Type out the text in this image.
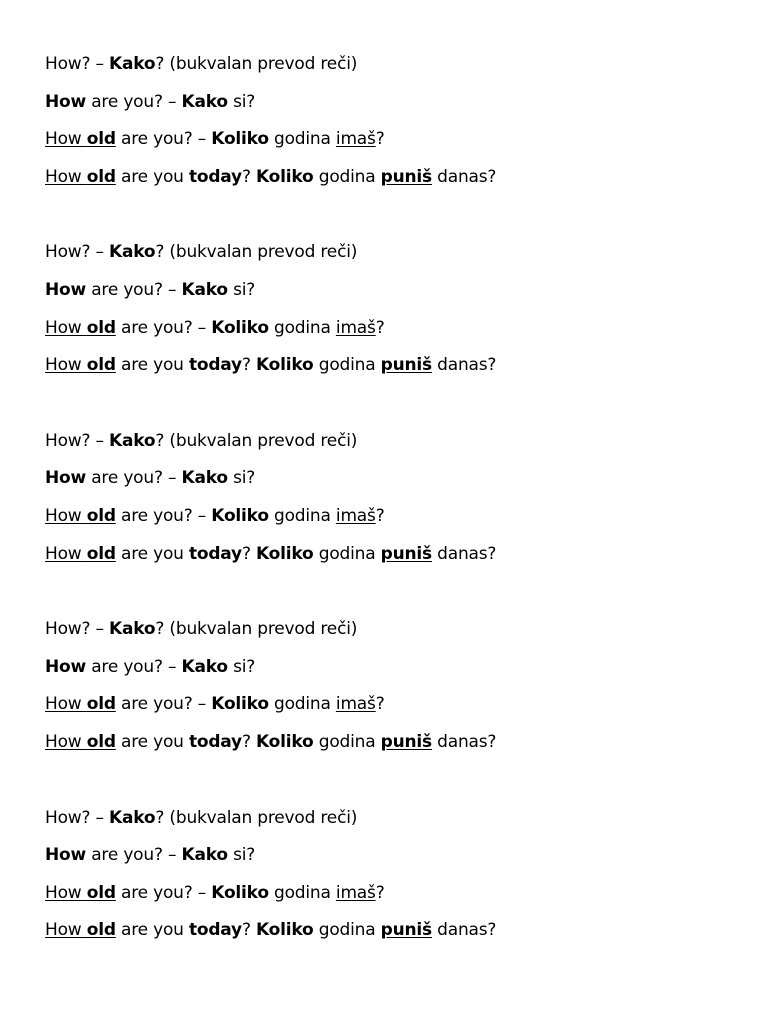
How? – Kako? (bukvalan prevod reči)
How are you? – Kako si?
How old are you? – Koliko godina imaš?
How old are you today? Koliko godina puniš danas?
How? – Kako? (bukvalan prevod reči)
How are you? – Kako si?
How old are you? – Koliko godina imaš?
How old are you today? Koliko godina puniš danas?
How? – Kako? (bukvalan prevod reči)
How are you? – Kako si?
How old are you? – Koliko godina imaš?
How old are you today? Koliko godina puniš danas?
How? – Kako? (bukvalan prevod reči)
How are you? – Kako si?
How old are you? – Koliko godina imaš?
How old are you today? Koliko godina puniš danas?
How? – Kako? (bukvalan prevod reči)
How are you? – Kako si?
How old are you? – Koliko godina imaš?
How old are you today? Koliko godina puniš danas?
